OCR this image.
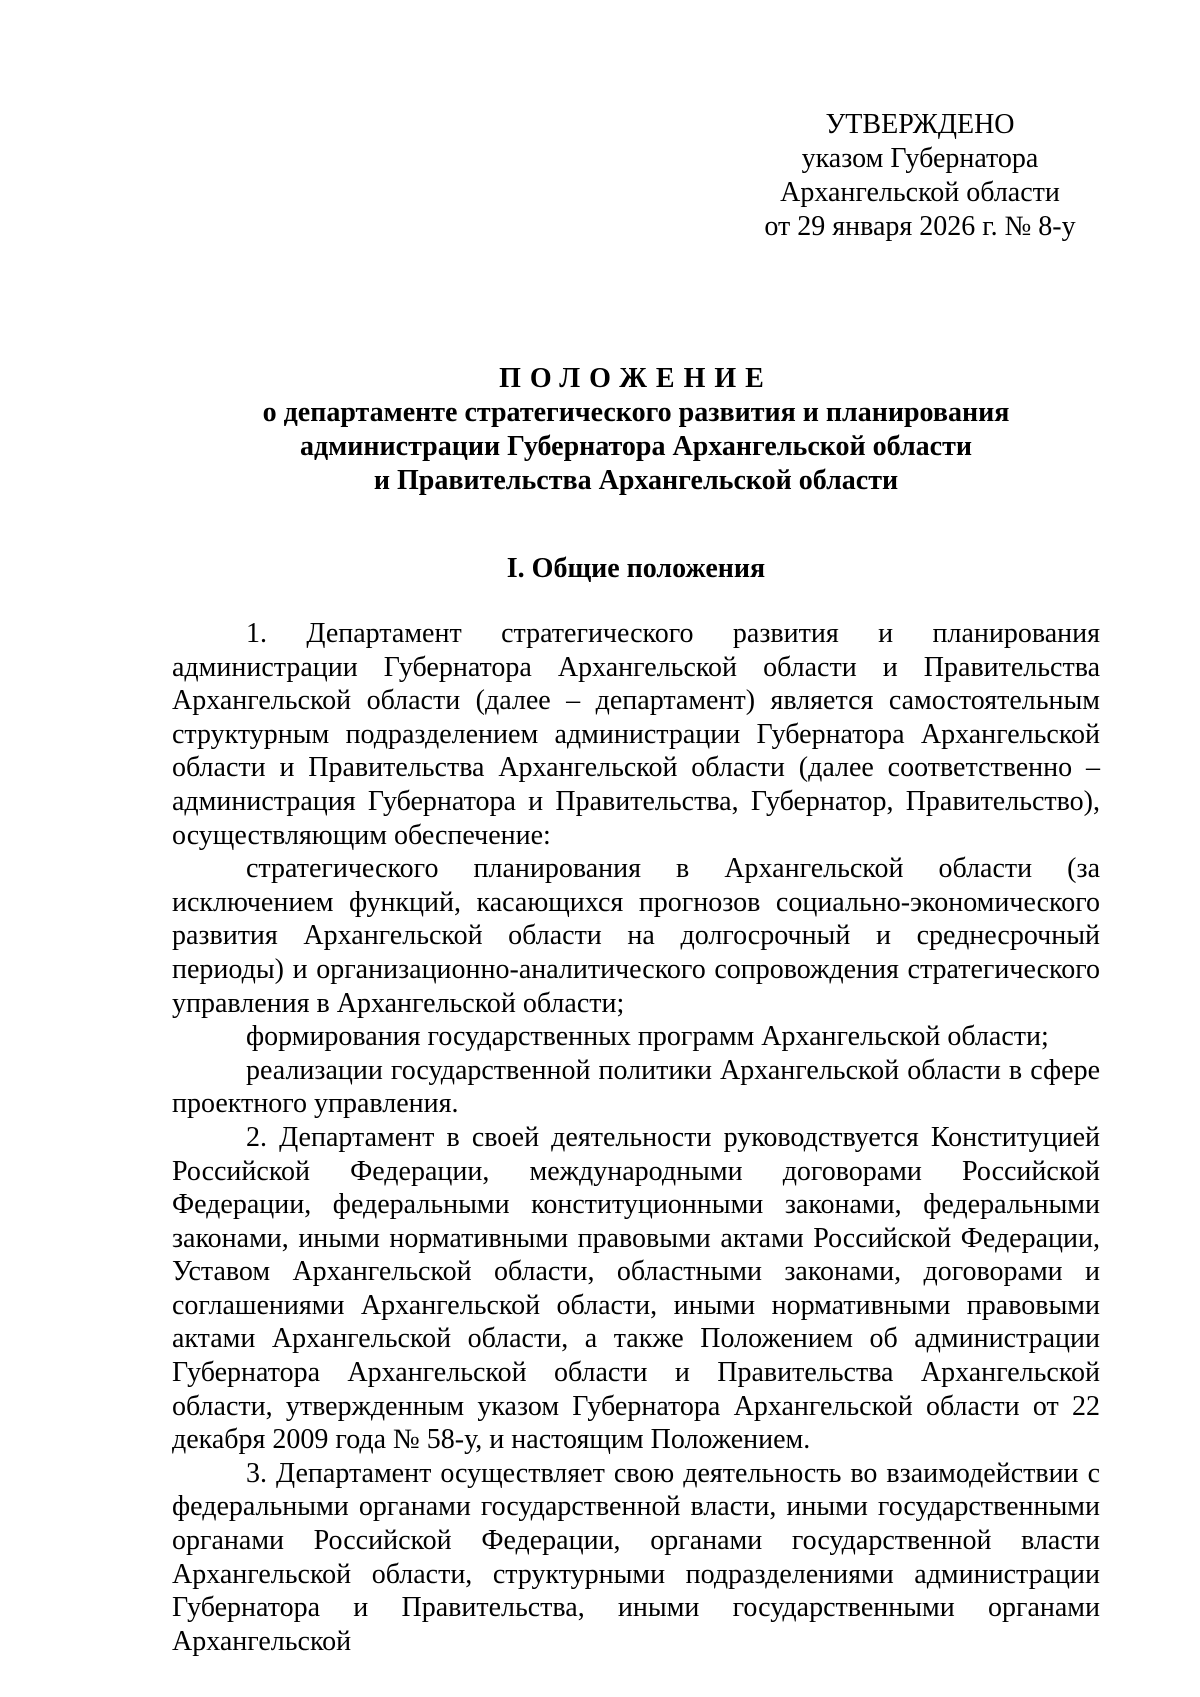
УТВЕРЖДЕНО
указом Губернатора
Архангельской области
от 29 января 2026 г. № 8-у
ПОЛОЖЕНИЕ
о департаменте стратегического развития и планирования
администрации Губернатора Архангельской области
и Правительства Архангельской области
I. Общие положения

1. Департамент стратегического развития и планирования администрации Губернатора Архангельской области и Правительства Архангельской области (далее – департамент) является самостоятельным структурным подразделением администрации Губернатора Архангельской области и Правительства Архангельской области (далее соответственно – администрация Губернатора и Правительства, Губернатор, Правительство), осуществляющим обеспечение:

стратегического планирования в Архангельской области (за исключением функций, касающихся прогнозов социально-экономического развития Архангельской области на долгосрочный и среднесрочный периоды) и организационно-аналитического сопровождения стратегического управления в Архангельской области;

формирования государственных программ Архангельской области;

реализации государственной политики Архангельской области в сфере проектного управления.

2. Департамент в своей деятельности руководствуется Конституцией Российской Федерации, международными договорами Российской Федерации, федеральными конституционными законами, федеральными законами, иными нормативными правовыми актами Российской Федерации, Уставом Архангельской области, областными законами, договорами и соглашениями Архангельской области, иными нормативными правовыми актами Архангельской области, а также Положением об администрации Губернатора Архангельской области и Правительства Архангельской области, утвержденным указом Губернатора Архангельской области от 22 декабря 2009 года № 58-у, и настоящим Положением.

3. Департамент осуществляет свою деятельность во взаимодействии с федеральными органами государственной власти, иными государственными органами Российской Федерации, органами государственной власти Архангельской области, структурными подразделениями администрации Губернатора и Правительства, иными государственными органами Архангельской
